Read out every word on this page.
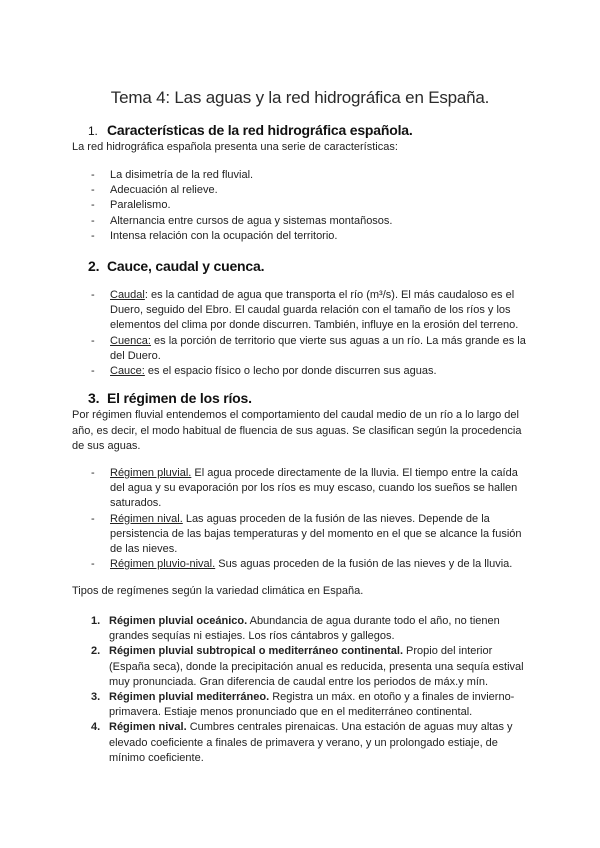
Tema 4: Las aguas y la red hidrográfica en España.
1. Características de la red hidrográfica española.
La red hidrográfica española presenta una serie de características:
- La disimetría de la red fluvial.
- Adecuación al relieve.
- Paralelismo.
- Alternancia entre cursos de agua y sistemas montañosos.
- Intensa relación con la ocupación del territorio.
2. Cauce, caudal y cuenca.
- Caudal: es la cantidad de agua que transporta el río (m³/s). El más caudaloso es el Duero, seguido del Ebro. El caudal guarda relación con el tamaño de los ríos y los elementos del clima por donde discurren. También, influye en la erosión del terreno.
- Cuenca: es la porción de territorio que vierte sus aguas a un río. La más grande es la del Duero.
- Cauce: es el espacio físico o lecho por donde discurren sus aguas.
3. El régimen de los ríos.
Por régimen fluvial entendemos el comportamiento del caudal medio de un río a lo largo del año, es decir, el modo habitual de fluencia de sus aguas. Se clasifican según la procedencia de sus aguas.
- Régimen pluvial. El agua procede directamente de la lluvia. El tiempo entre la caída del agua y su evaporación por los ríos es muy escaso, cuando los sueños se hallen saturados.
- Régimen nival. Las aguas proceden de la fusión de las nieves. Depende de la persistencia de las bajas temperaturas y del momento en el que se alcance la fusión de las nieves.
- Régimen pluvio-nival. Sus aguas proceden de la fusión de las nieves y de la lluvia.
Tipos de regímenes según la variedad climática en España.
1. Régimen pluvial oceánico. Abundancia de agua durante todo el año, no tienen grandes sequías ni estiajes. Los ríos cántabros y gallegos.
2. Régimen pluvial subtropical o mediterráneo continental. Propio del interior (España seca), donde la precipitación anual es reducida, presenta una sequía estival muy pronunciada. Gran diferencia de caudal entre los periodos de máx.y mín.
3. Régimen pluvial mediterráneo. Registra un máx. en otoño y a finales de invierno-primavera. Estiaje menos pronunciado que en el mediterráneo continental.
4. Régimen nival. Cumbres centrales pirenaicas. Una estación de aguas muy altas y elevado coeficiente a finales de primavera y verano, y un prolongado estiaje, de mínimo coeficiente.
